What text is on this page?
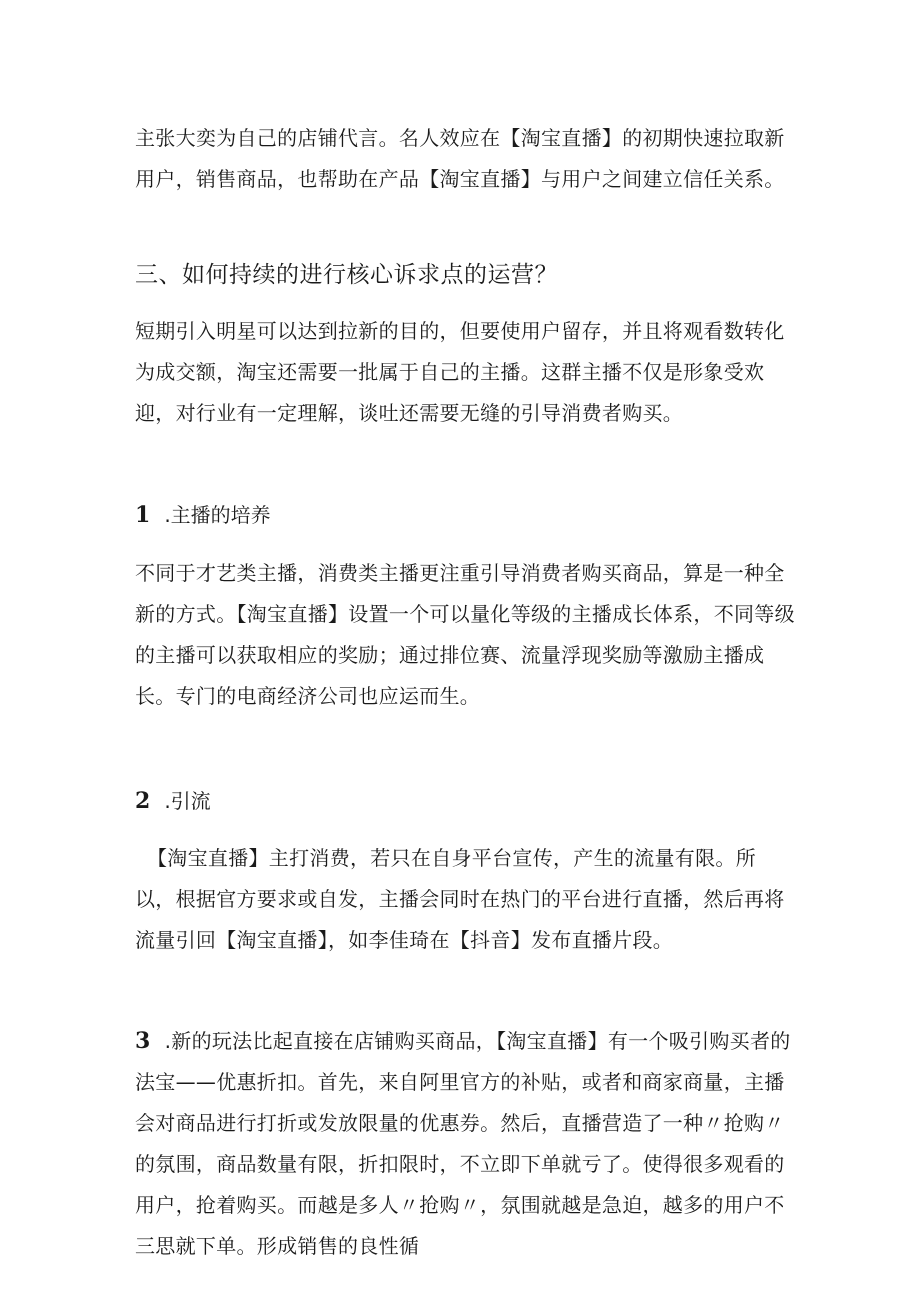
主张大奕为自己的店铺代言。名人效应在【淘宝直播】的初期快速拉取新用户，销售商品，也帮助在产品【淘宝直播】与用户之间建立信任关系。

三、如何持续的进行核心诉求点的运营？

短期引入明星可以达到拉新的目的，但要使用户留存，并且将观看数转化为成交额，淘宝还需要一批属于自己的主播。这群主播不仅是形象受欢迎，对行业有一定理解，谈吐还需要无缝的引导消费者购买。

1 .主播的培养

不同于才艺类主播，消费类主播更注重引导消费者购买商品，算是一种全新的方式。【淘宝直播】设置一个可以量化等级的主播成长体系，不同等级的主播可以获取相应的奖励；通过排位赛、流量浮现奖励等激励主播成长。专门的电商经济公司也应运而生。

2 .引流

【淘宝直播】主打消费，若只在自身平台宣传，产生的流量有限。所以，根据官方要求或自发，主播会同时在热门的平台进行直播，然后再将流量引回【淘宝直播】，如李佳琦在【抖音】发布直播片段。

3 .新的玩法比起直接在店铺购买商品，【淘宝直播】有一个吸引购买者的法宝——优惠折扣。首先，来自阿里官方的补贴，或者和商家商量，主播会对商品进行打折或发放限量的优惠券。然后，直播营造了一种〃抢购〃的氛围，商品数量有限，折扣限时，不立即下单就亏了。使得很多观看的用户，抢着购买。而越是多人〃抢购〃，氛围就越是急迫，越多的用户不三思就下单。形成销售的良性循
